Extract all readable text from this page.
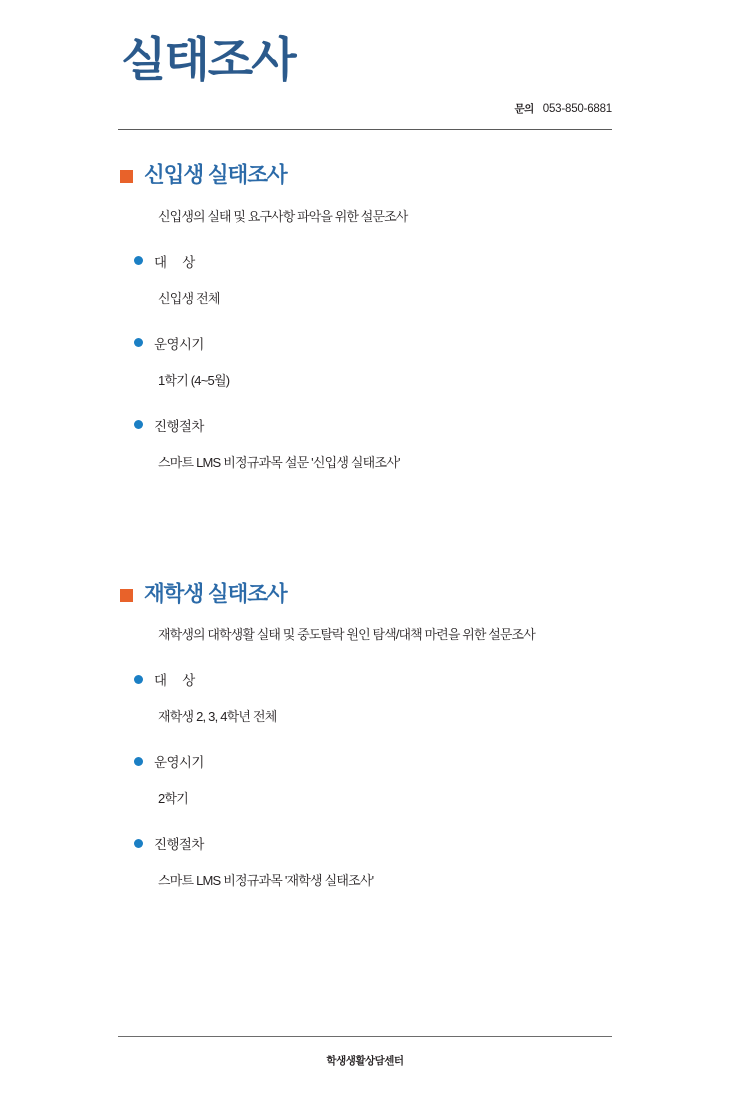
실태조사
문의 053-850-6881
신입생 실태조사
신입생의 실태 및 요구사항 파악을 위한 설문조사
대     상
신입생 전체
운영시기
1학기 (4~5월)
진행절차
스마트 LMS 비정규과목 설문 '신입생 실태조사'
재학생 실태조사
재학생의 대학생활 실태 및 중도탈락 원인 탐색/대책 마련을 위한 설문조사
대     상
재학생 2, 3, 4학년 전체
운영시기
2학기
진행절차
스마트 LMS 비정규과목 '재학생 실태조사'
학생생활상담센터
